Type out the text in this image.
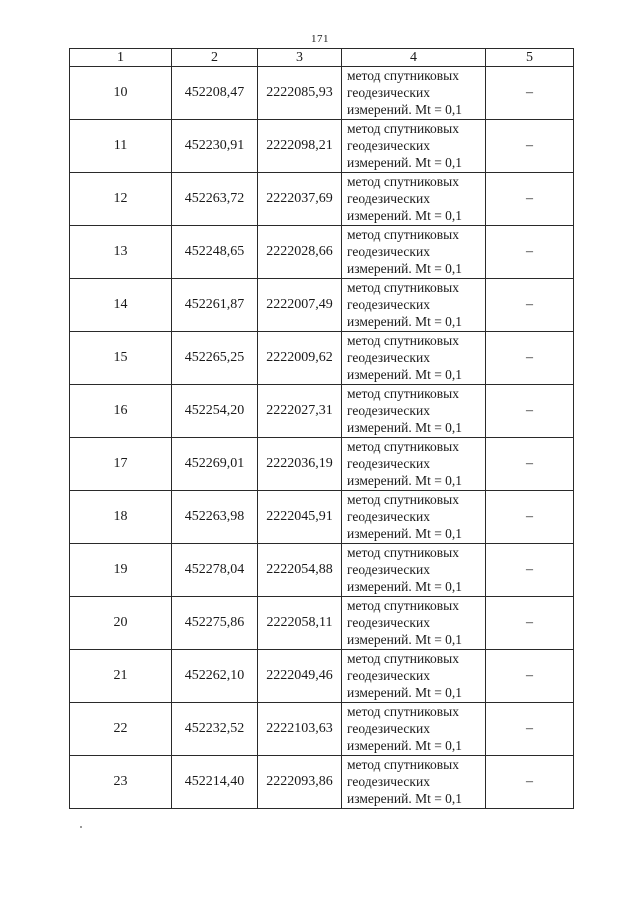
171
1	2	3	4	5
10	452208,47	2222085,93	метод спутниковых
геодезических
измерений. Mt = 0,1	–
11	452230,91	2222098,21	метод спутниковых
геодезических
измерений. Mt = 0,1	–
12	452263,72	2222037,69	метод спутниковых
геодезических
измерений. Mt = 0,1	–
13	452248,65	2222028,66	метод спутниковых
геодезических
измерений. Mt = 0,1	–
14	452261,87	2222007,49	метод спутниковых
геодезических
измерений. Mt = 0,1	–
15	452265,25	2222009,62	метод спутниковых
геодезических
измерений. Mt = 0,1	–
16	452254,20	2222027,31	метод спутниковых
геодезических
измерений. Mt = 0,1	–
17	452269,01	2222036,19	метод спутниковых
геодезических
измерений. Mt = 0,1	–
18	452263,98	2222045,91	метод спутниковых
геодезических
измерений. Mt = 0,1	–
19	452278,04	2222054,88	метод спутниковых
геодезических
измерений. Mt = 0,1	–
20	452275,86	2222058,11	метод спутниковых
геодезических
измерений. Mt = 0,1	–
21	452262,10	2222049,46	метод спутниковых
геодезических
измерений. Mt = 0,1	–
22	452232,52	2222103,63	метод спутниковых
геодезических
измерений. Mt = 0,1	–
23	452214,40	2222093,86	метод спутниковых
геодезических
измерений. Mt = 0,1	–
